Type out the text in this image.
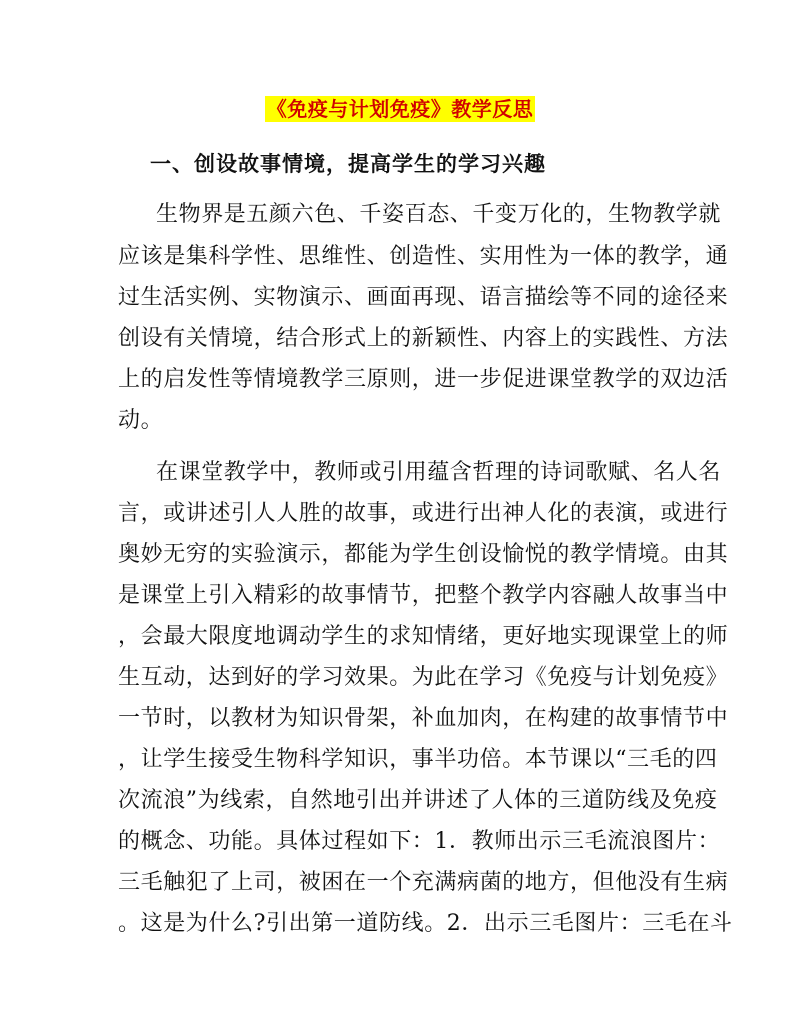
《免疫与计划免疫》教学反思
一、创设故事情境，提高学生的学习兴趣
生物界是五颜六色、千姿百态、千变万化的，生物教学就
应该是集科学性、思维性、创造性、实用性为一体的教学，通
过生活实例、实物演示、画面再现、语言描绘等不同的途径来
创设有关情境，结合形式上的新颖性、内容上的实践性、方法
上的启发性等情境教学三原则，进一步促进课堂教学的双边活
动。
在课堂教学中，教师或引用蕴含哲理的诗词歌赋、名人名
言，或讲述引人人胜的故事，或进行出神人化的表演，或进行
奥妙无穷的实验演示，都能为学生创设愉悦的教学情境。由其
是课堂上引入精彩的故事情节，把整个教学内容融人故事当中
，会最大限度地调动学生的求知情绪，更好地实现课堂上的师
生互动，达到好的学习效果。为此在学习《免疫与计划免疫》
一节时，以教材为知识骨架，补血加肉，在构建的故事情节中
，让学生接受生物科学知识，事半功倍。本节课以“三毛的四
次流浪”为线索，自然地引出并讲述了人体的三道防线及免疫
的概念、功能。具体过程如下：1．教师出示三毛流浪图片：
三毛触犯了上司，被困在一个充满病菌的地方，但他没有生病
。这是为什么?引出第一道防线。2．出示三毛图片：三毛在斗
